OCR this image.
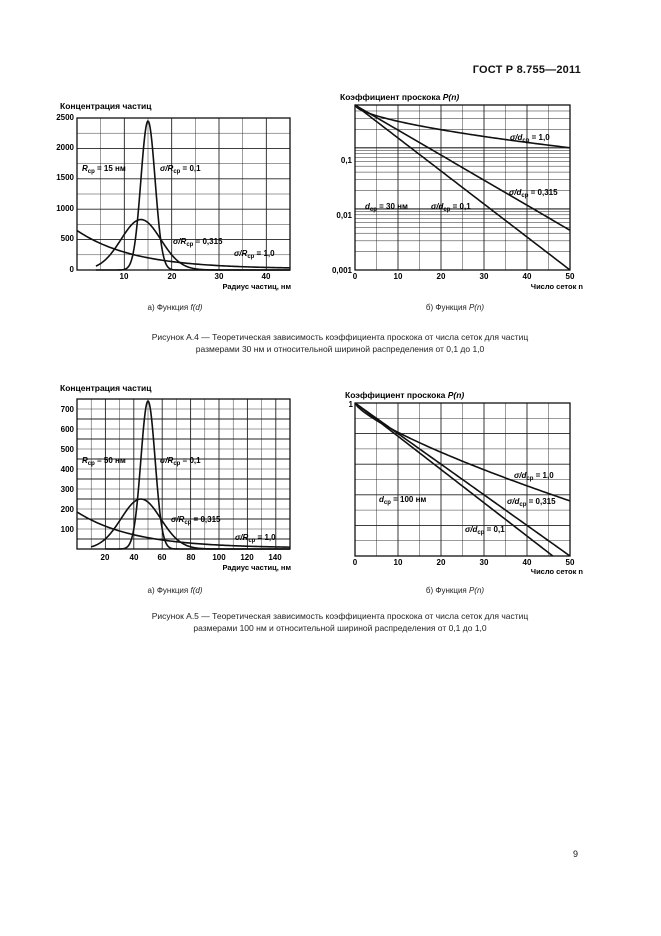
ГОСТ Р 8.755—2011
Концентрация частиц
0
500
1000
1500
2000
2500
10	20	30	40
Радиус частиц, нм
$R_{ср} = 15$ нм	$\sigma/R_{ср} = 0,1$
$\sigma/R_{ср} = 0,315$
$\sigma/R_{ср} = 1,0$
а) Функция f(d)
Коэффициент проскока P(n)
0,001
0,01
0,1
0	10	20	30	40	50
Число сеток n
$\sigma/d_{ср} = 1,0$
$\sigma/d_{ср} = 0,315$
$d_{ср} = 30$ нм	$\sigma/d_{ср} = 0,1$
б) Функция P(n)
Рисунок А.4 — Теоретическая зависимость коэффициента проскока от числа сеток для частиц
размерами 30 нм и относительной шириной распределения от 0,1 до 1,0
Концентрация частиц
100
200
300
400
500
600
700
20	40 60	80 100 120 140
Радиус частиц, нм
$R_{ср} = 50$ нм	$\sigma/R_{ср} = 0,1$
$\sigma/R_{ср} = 0,315$
$\sigma/R_{ср} = 1,0$
а) Функция f(d)
Коэффициент проскока P(n)
1
0	10	20	30	40	50
Число сеток n
$\sigma/d_{ср} = 1,0$
$d_{ср} = 100$ нм	$\sigma/d_{ср} = 0,315$
$\sigma/d_{ср} = 0,1$
б) Функция P(n)
Рисунок А.5 — Теоретическая зависимость коэффициента проскока от числа сеток для частиц
размерами 100 нм и относительной шириной распределения от 0,1 до 1,0
9
